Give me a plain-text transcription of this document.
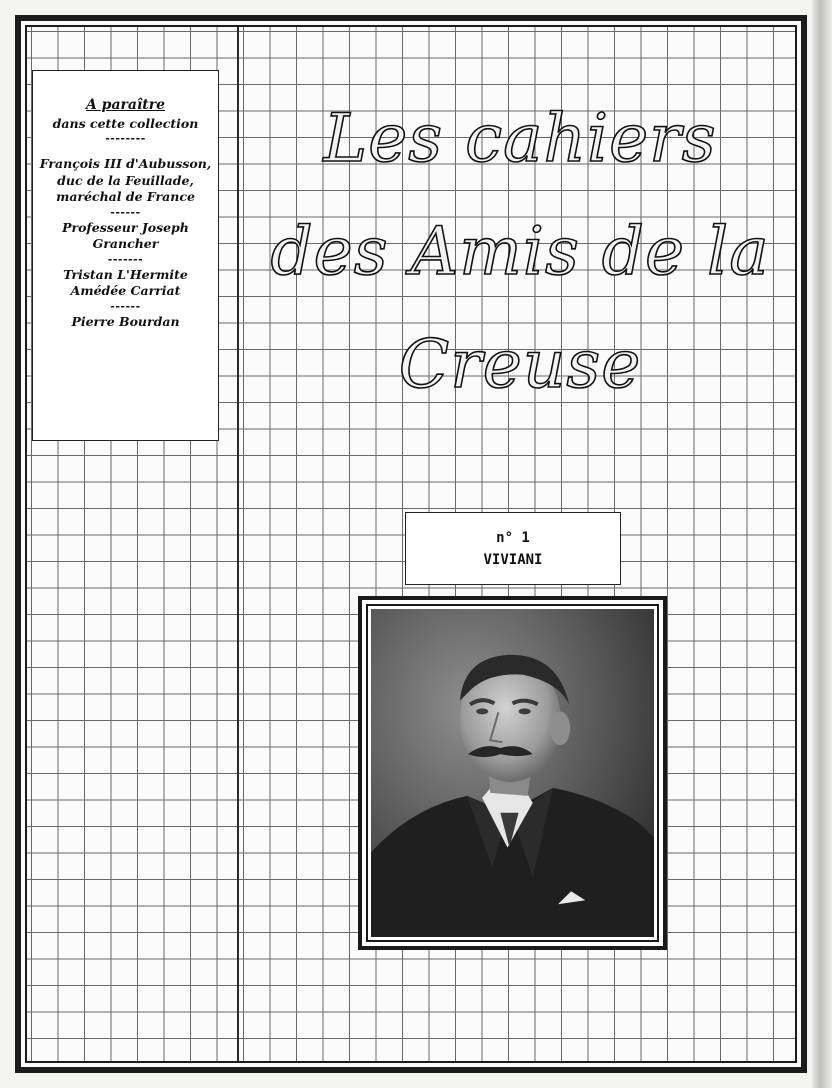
A paraître
dans cette collection
--------
François III d'Aubusson,
duc de la Feuillade,
maréchal de France
------
Professeur Joseph
Grancher
-------
Tristan L'Hermite
Amédée Carriat
------
Pierre Bourdan
Les cahiers
des Amis de la
Creuse
n° 1
VIVIANI
